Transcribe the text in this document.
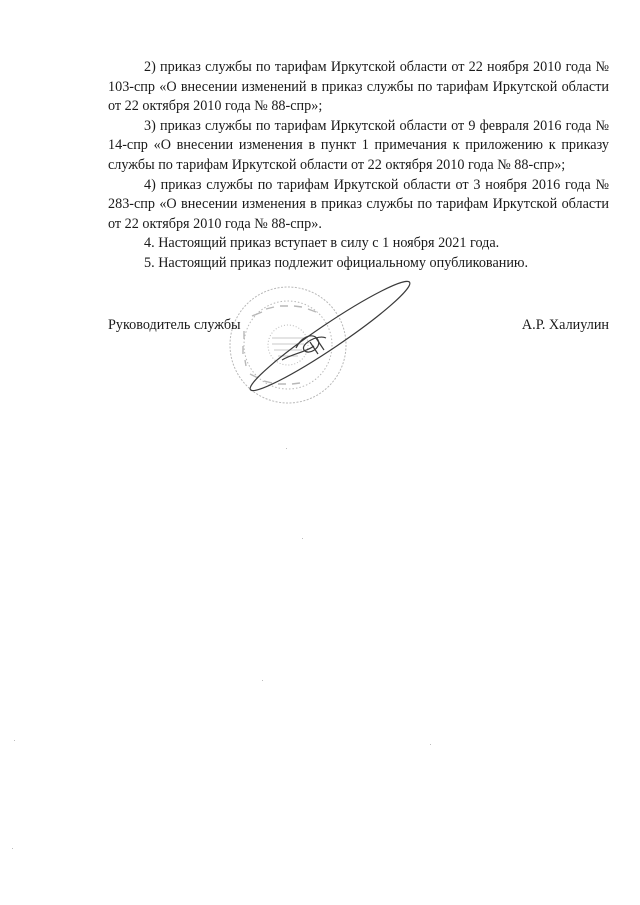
2) приказ службы по тарифам Иркутской области от 22 ноября 2010 года № 103-спр «О внесении изменений в приказ службы по тарифам Иркутской области от 22 октября 2010 года № 88-спр»;

3) приказ службы по тарифам Иркутской области от 9 февраля 2016 года № 14-спр «О внесении изменения в пункт 1 примечания к приложению к приказу службы по тарифам Иркутской области от 22 октября 2010 года № 88-спр»;

4) приказ службы по тарифам Иркутской области от 3 ноября 2016 года № 283-спр «О внесении изменения в приказ службы по тарифам Иркутской области от 22 октября 2010 года № 88-спр».

4. Настоящий приказ вступает в силу с 1 ноября 2021 года.

5. Настоящий приказ подлежит официальному опубликованию.

Руководитель службы	А.Р. Халиулин
